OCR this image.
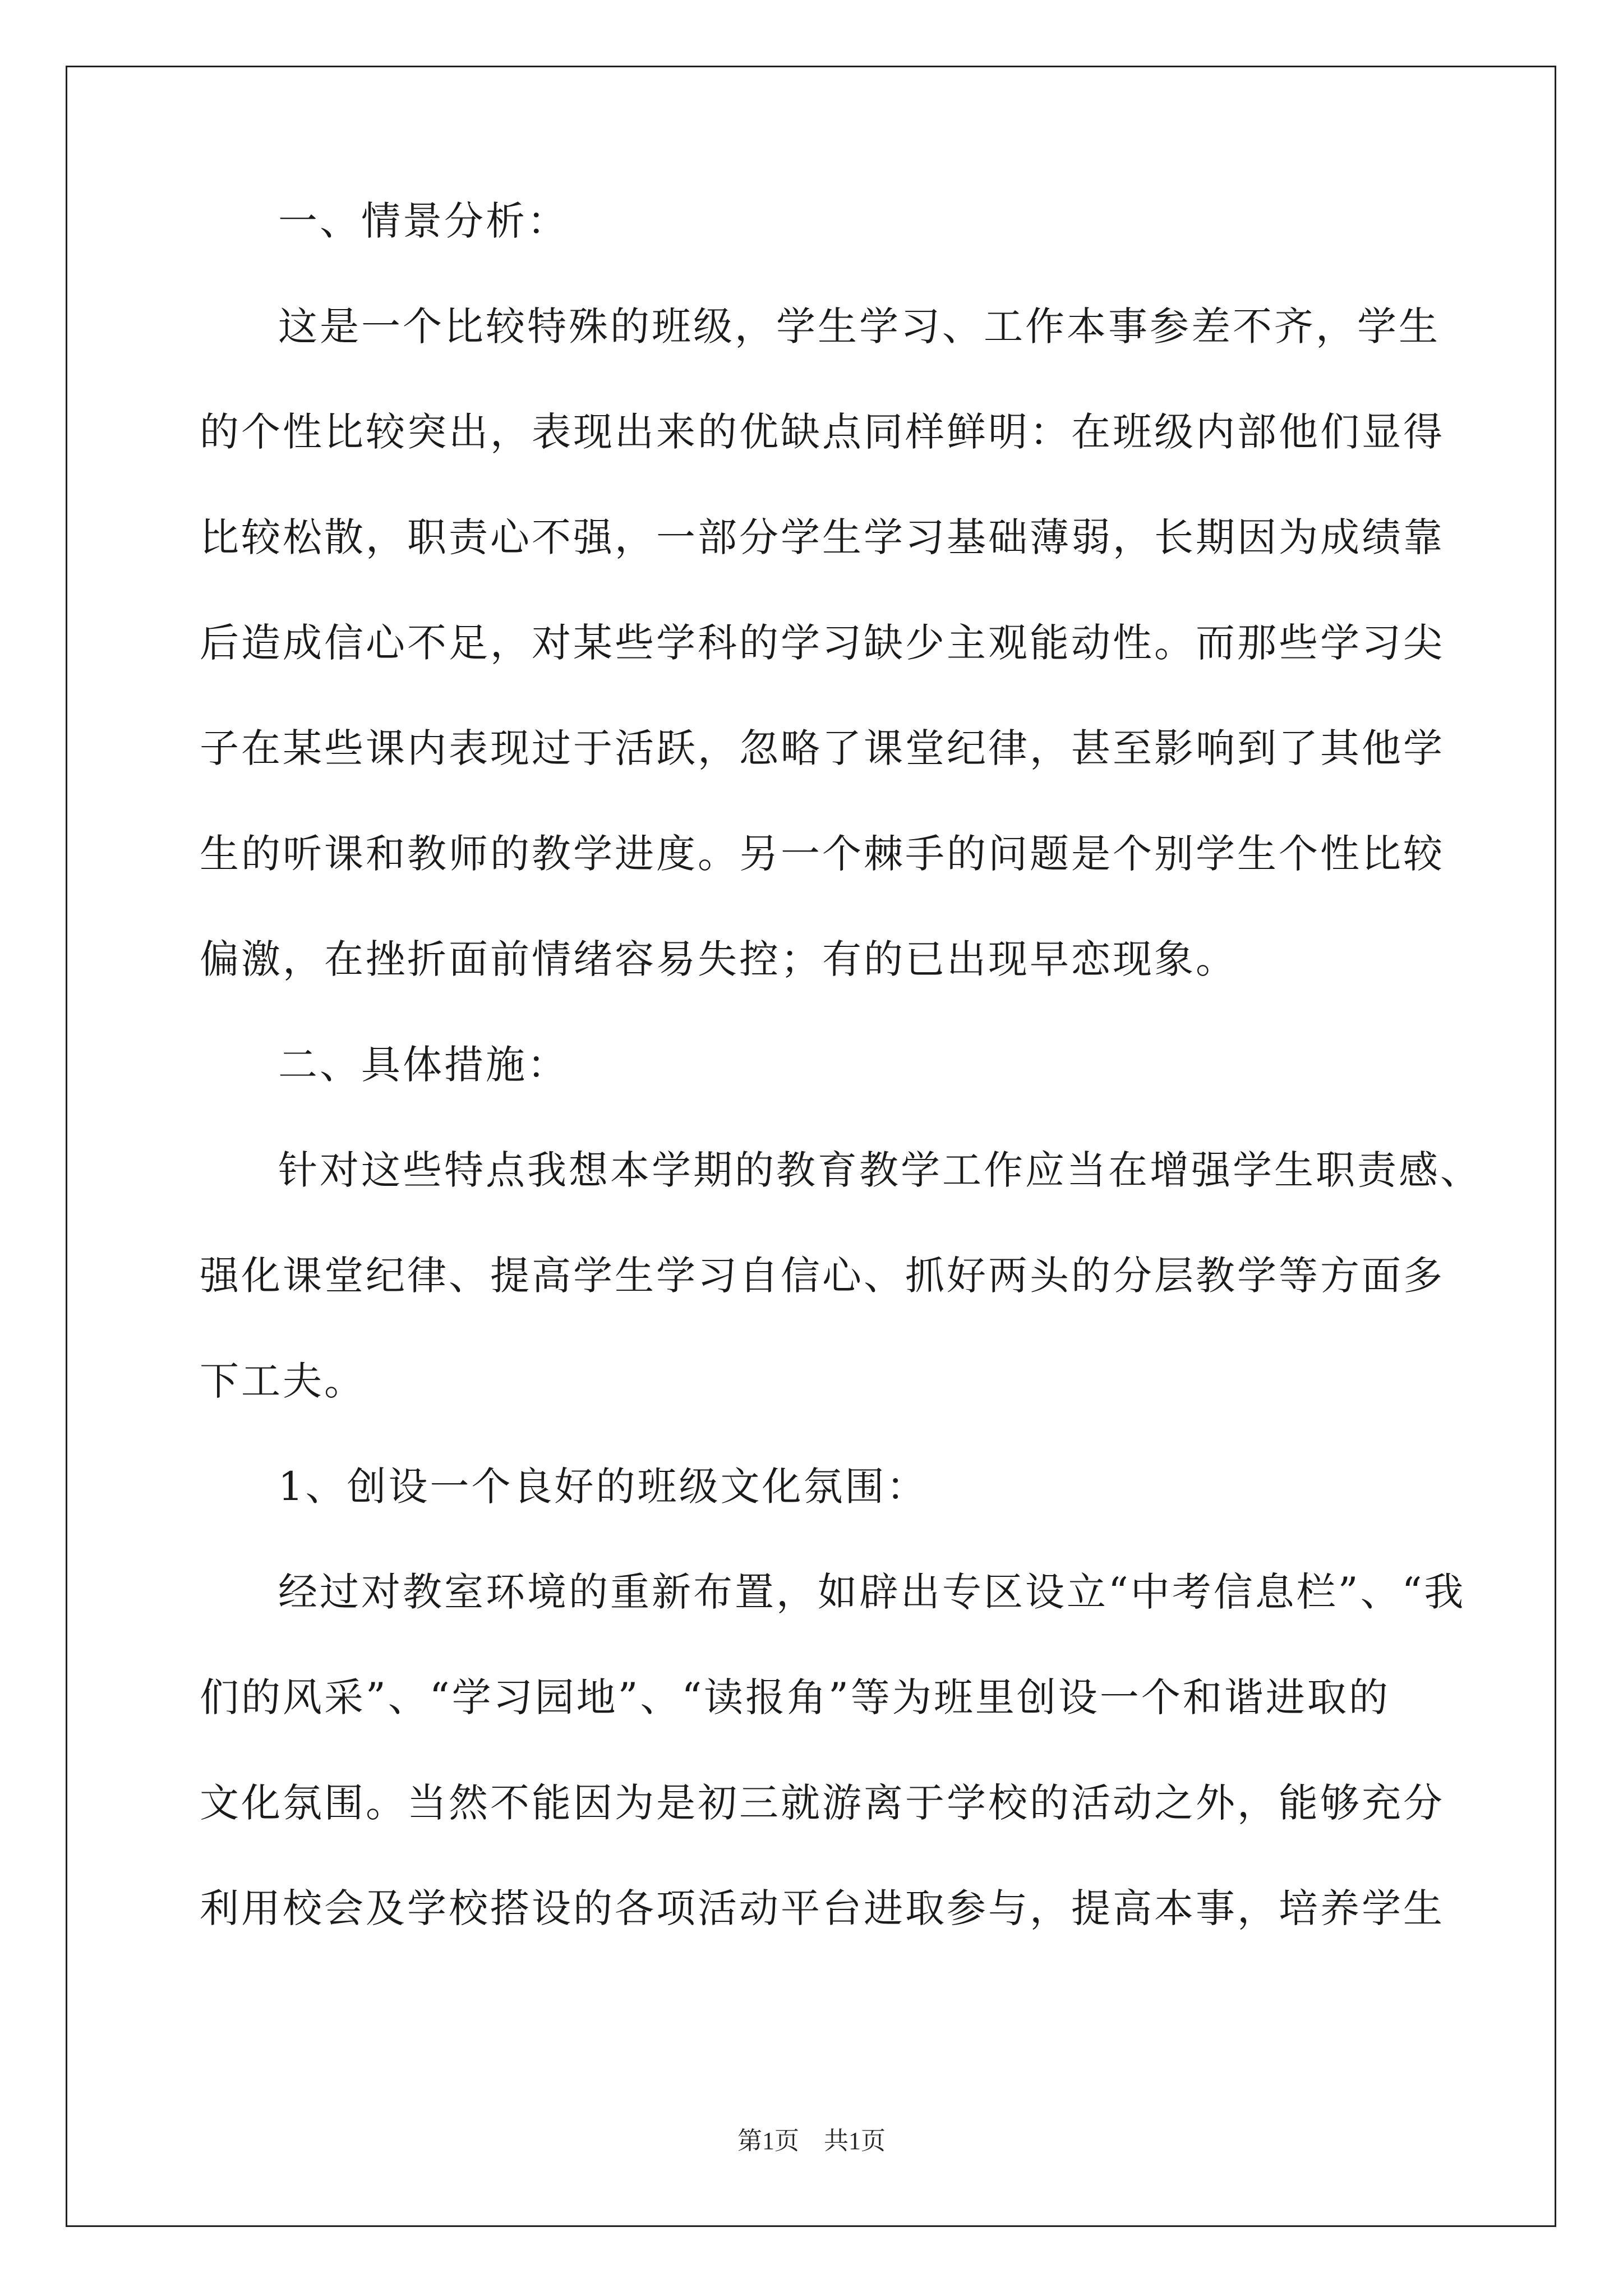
一、情景分析：
这是一个比较特殊的班级，学生学习、工作本事参差不齐，学生
的个性比较突出，表现出来的优缺点同样鲜明：在班级内部他们显得
比较松散，职责心不强，一部分学生学习基础薄弱，长期因为成绩靠
后造成信心不足，对某些学科的学习缺少主观能动性。而那些学习尖
子在某些课内表现过于活跃，忽略了课堂纪律，甚至影响到了其他学
生的听课和教师的教学进度。另一个棘手的问题是个别学生个性比较
偏激，在挫折面前情绪容易失控；有的已出现早恋现象。
二、具体措施：
针对这些特点我想本学期的教育教学工作应当在增强学生职责感、
强化课堂纪律、提高学生学习自信心、抓好两头的分层教学等方面多
下工夫。
1、创设一个良好的班级文化氛围：
经过对教室环境的重新布置，如辟出专区设立“中考信息栏”、“我
们的风采”、“学习园地”、“读报角”等为班里创设一个和谐进取的
文化氛围。当然不能因为是初三就游离于学校的活动之外，能够充分
利用校会及学校搭设的各项活动平台进取参与，提高本事，培养学生
第1页 共1页
